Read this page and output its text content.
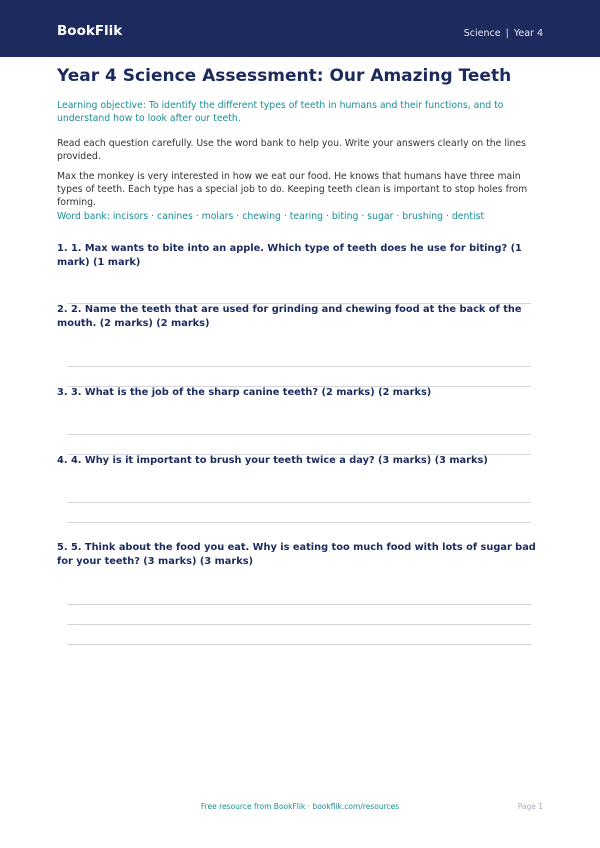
BookFlik	Science | Year 4
Year 4 Science Assessment: Our Amazing Teeth
Learning objective: To identify the different types of teeth in humans and their functions, and to understand how to look after our teeth.
Read each question carefully. Use the word bank to help you. Write your answers clearly on the lines provided.
Max the monkey is very interested in how we eat our food. He knows that humans have three main types of teeth. Each type has a special job to do. Keeping teeth clean is important to stop holes from forming.
Word bank: incisors · canines · molars · chewing · tearing · biting · sugar · brushing · dentist
1. 1. Max wants to bite into an apple. Which type of teeth does he use for biting? (1 mark) (1 mark)
2. 2. Name the teeth that are used for grinding and chewing food at the back of the mouth. (2 marks) (2 marks)
3. 3. What is the job of the sharp canine teeth? (2 marks) (2 marks)
4. 4. Why is it important to brush your teeth twice a day? (3 marks) (3 marks)
5. 5. Think about the food you eat. Why is eating too much food with lots of sugar bad for your teeth? (3 marks) (3 marks)
Free resource from BookFlik · bookflik.com/resources	Page 1
